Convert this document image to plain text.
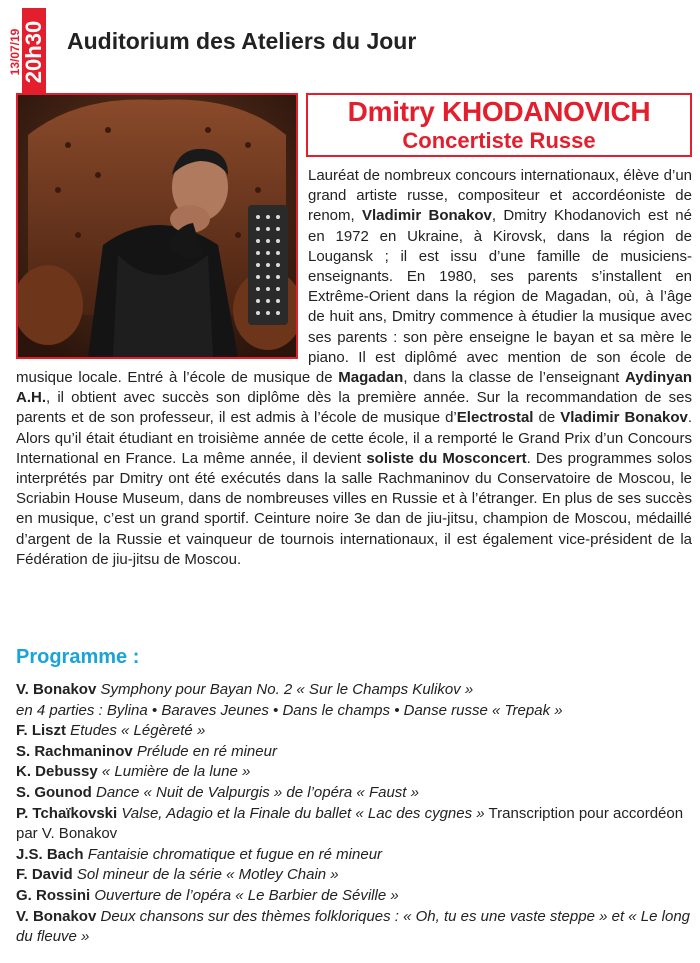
13/07/19 20h30 Auditorium des Ateliers du Jour
Dmitry KHODANOVICH
Concertiste Russe

Lauréat de nombreux concours internationaux, élève d’un grand artiste russe, compositeur et accordéoniste de renom, Vladimir Bonakov, Dmitry Khodanovich est né en 1972 en Ukraine, à Kirovsk, dans la région de Lougansk ; il est issu d’une famille de musiciens-enseignants. En 1980, ses parents s’installent en Extrême-Orient dans la région de Magadan, où, à l’âge de huit ans, Dmitry commence à étudier la musique avec ses parents : son père enseigne le bayan et sa mère le piano. Il est diplômé avec mention de son école de musique locale. Entré à l’école de musique de Magadan, dans la classe de l’enseignant Aydinyan A.H., il obtient avec succès son diplôme dès la première année. Sur la recommandation de ses parents et de son professeur, il est admis à l’école de musique d’Electrostal de Vladimir Bonakov. Alors qu’il était étudiant en troisième année de cette école, il a remporté le Grand Prix d’un Concours International en France. La même année, il devient soliste du Mosconcert. Des programmes solos interprétés par Dmitry ont été exécutés dans la salle Rachmaninov du Conservatoire de Moscou, le Scriabin House Museum, dans de nombreuses villes en Russie et à l’étranger. En plus de ses succès en musique, c’est un grand sportif. Ceinture noire 3e dan de jiu-jitsu, champion de Moscou, médaillé d’argent de la Russie et vainqueur de tournois internationaux, il est également vice-président de la Fédération de jiu-jitsu de Moscou.

Programme :
V. Bonakov Symphony pour Bayan No. 2 « Sur le Champs Kulikov »
en 4 parties : Bylina • Baraves Jeunes • Dans le champs • Danse russe « Trepak »
F. Liszt Etudes « Légèreté »
S. Rachmaninov Prélude en ré mineur
K. Debussy « Lumière de la lune »
S. Gounod Dance « Nuit de Valpurgis » de l’opéra « Faust »
P. Tchaïkovski Valse, Adagio et la Finale du ballet « Lac des cygnes » Transcription pour accordéon par V. Bonakov
J.S. Bach Fantaisie chromatique et fugue en ré mineur
F. David Sol mineur de la série « Motley Chain »
G. Rossini Ouverture de l’opéra « Le Barbier de Séville »
V. Bonakov Deux chansons sur des thèmes folkloriques : « Oh, tu es une vaste steppe » et « Le long du fleuve »
